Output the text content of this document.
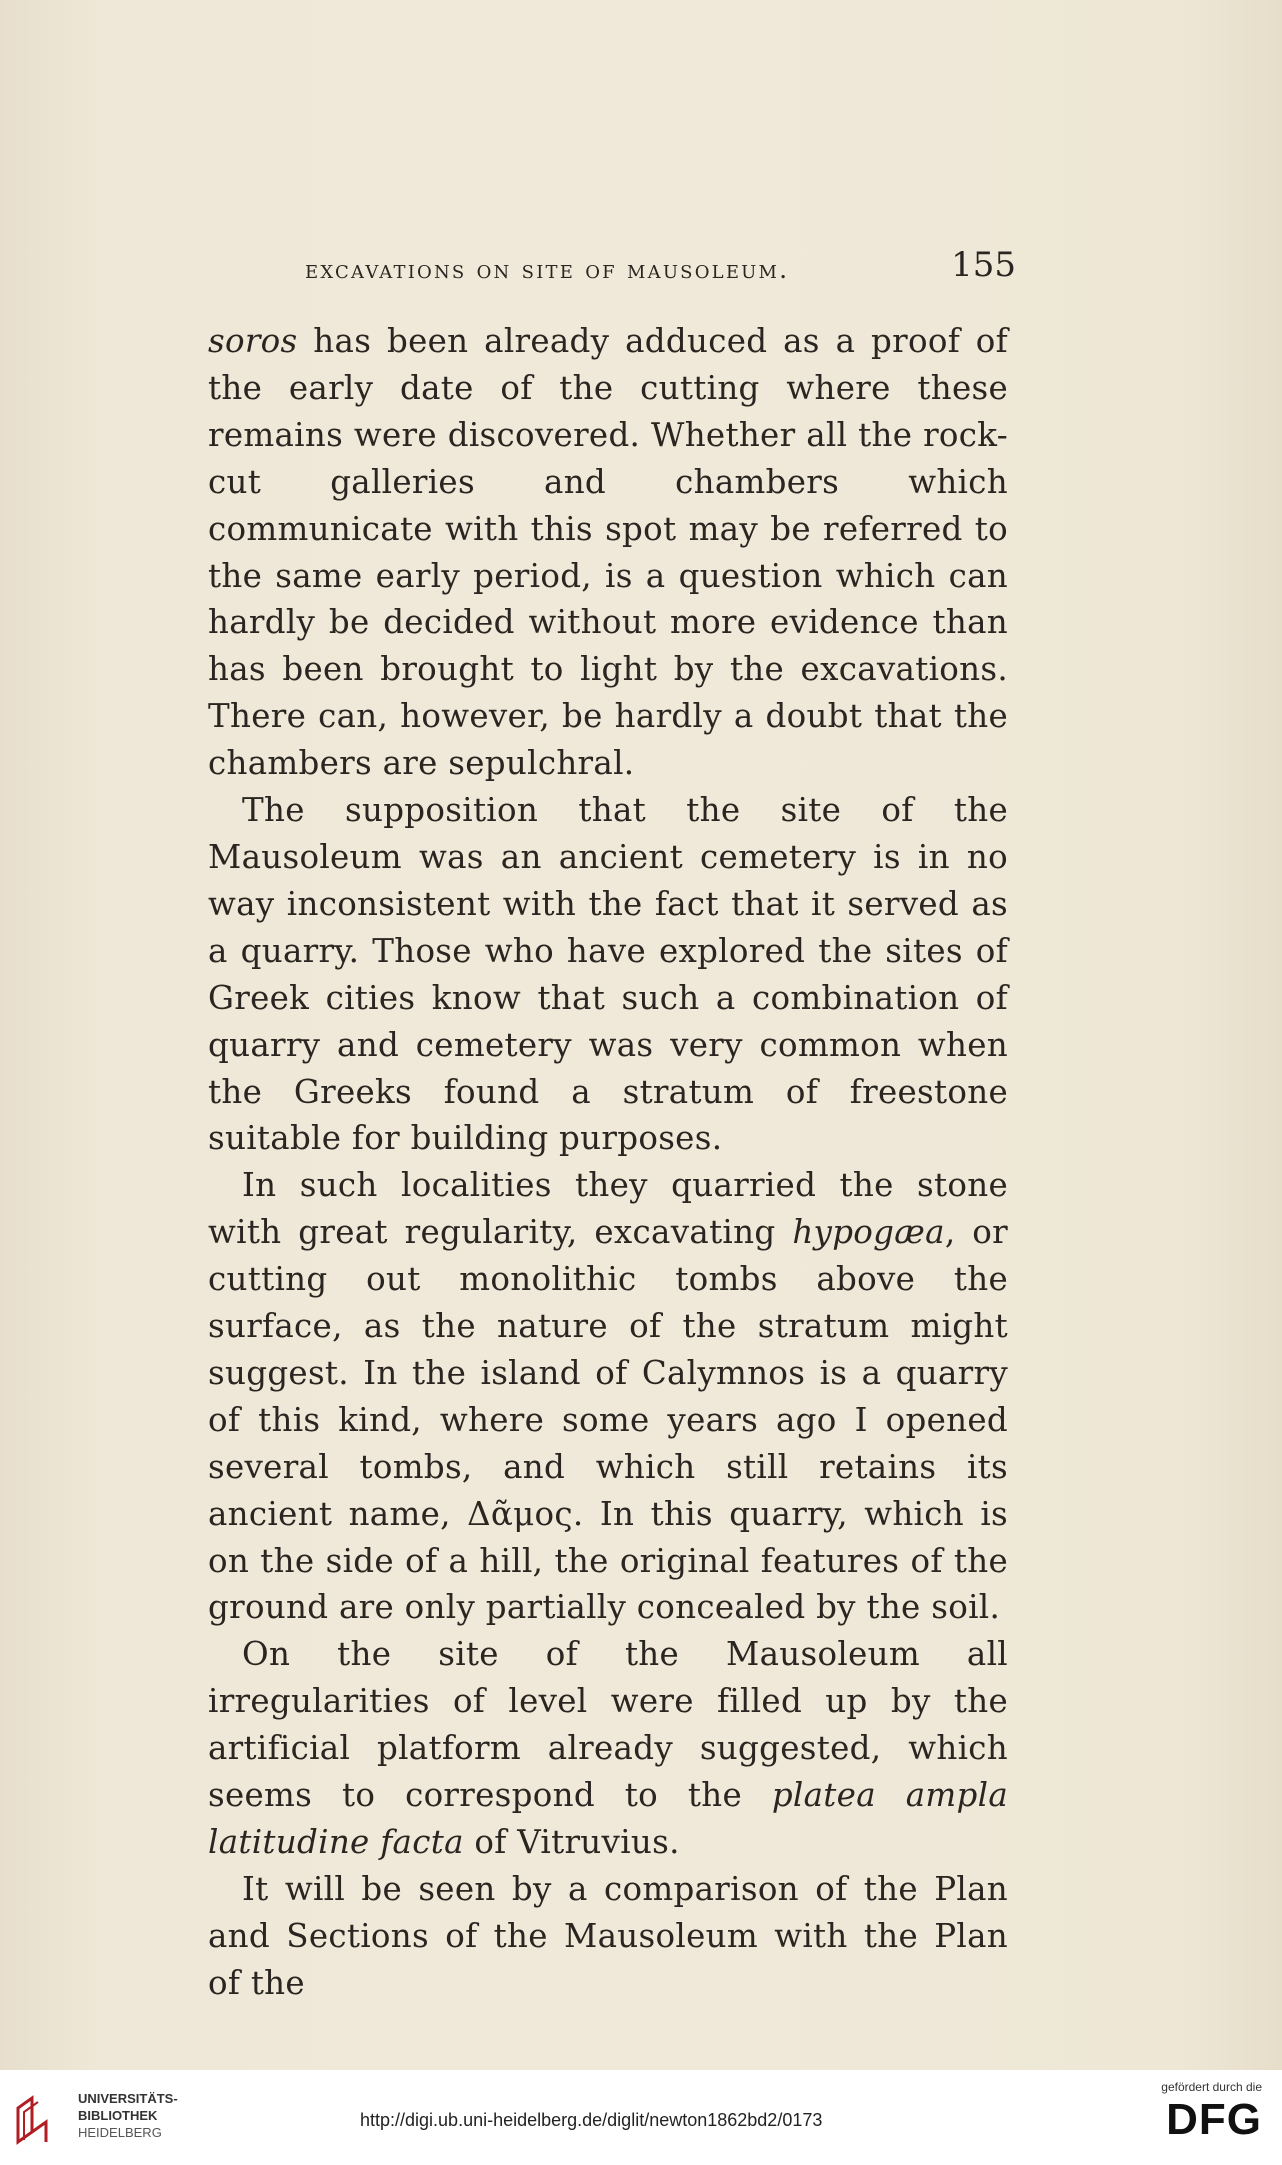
excavations on site of mausoleum.	155

soros has been already adduced as a proof of the early date of the cutting where these remains were discovered. Whether all the rock-cut galleries and chambers which communicate with this spot may be referred to the same early period, is a question which can hardly be decided without more evidence than has been brought to light by the excavations. There can, however, be hardly a doubt that the chambers are sepulchral.

The supposition that the site of the Mausoleum was an ancient cemetery is in no way inconsistent with the fact that it served as a quarry. Those who have explored the sites of Greek cities know that such a combination of quarry and cemetery was very common when the Greeks found a stratum of freestone suitable for building purposes.

In such localities they quarried the stone with great regularity, excavating hypogæa, or cutting out monolithic tombs above the surface, as the nature of the stratum might suggest. In the island of Calymnos is a quarry of this kind, where some years ago I opened several tombs, and which still retains its ancient name, Δᾶμος. In this quarry, which is on the side of a hill, the original features of the ground are only partially concealed by the soil.

On the site of the Mausoleum all irregularities of level were filled up by the artificial platform already suggested, which seems to correspond to the platea ampla latitudine facta of Vitruvius.

It will be seen by a comparison of the Plan and Sections of the Mausoleum with the Plan of the

UNIVERSITÄTS-
BIBLIOTHEK
HEIDELBERG
http://digi.ub.uni-heidelberg.de/diglit/newton1862bd2/0173
gefördert durch die
DFG
